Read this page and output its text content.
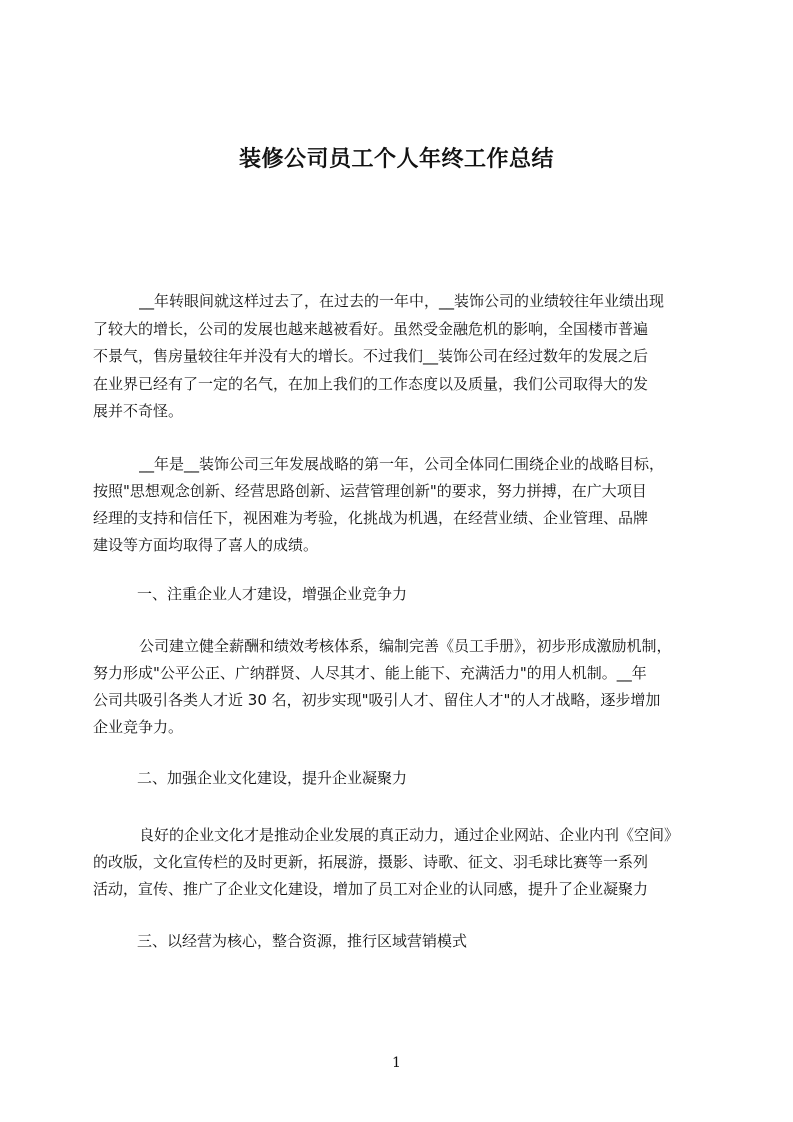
装修公司员工个人年终工作总结

__年转眼间就这样过去了，在过去的一年中，__装饰公司的业绩较往年业绩出现

了较大的增长，公司的发展也越来越被看好。虽然受金融危机的影响，全国楼市普遍

不景气，售房量较往年并没有大的增长。不过我们__装饰公司在经过数年的发展之后

在业界已经有了一定的名气，在加上我们的工作态度以及质量，我们公司取得大的发

展并不奇怪。

__年是__装饰公司三年发展战略的第一年，公司全体同仁围绕企业的战略目标，

按照"思想观念创新、经营思路创新、运营管理创新"的要求，努力拼搏，在广大项目

经理的支持和信任下，视困难为考验，化挑战为机遇，在经营业绩、企业管理、品牌

建设等方面均取得了喜人的成绩。

一、注重企业人才建设，增强企业竞争力

公司建立健全薪酬和绩效考核体系，编制完善《员工手册》，初步形成激励机制，

努力形成"公平公正、广纳群贤、人尽其才、能上能下、充满活力"的用人机制。__年

公司共吸引各类人才近 30 名，初步实现"吸引人才、留住人才"的人才战略，逐步增加

企业竞争力。

二、加强企业文化建设，提升企业凝聚力

良好的企业文化才是推动企业发展的真正动力，通过企业网站、企业内刊《空间》

的改版，文化宣传栏的及时更新，拓展游，摄影、诗歌、征文、羽毛球比赛等一系列

活动，宣传、推广了企业文化建设，增加了员工对企业的认同感，提升了企业凝聚力

三、以经营为核心，整合资源，推行区域营销模式

1
